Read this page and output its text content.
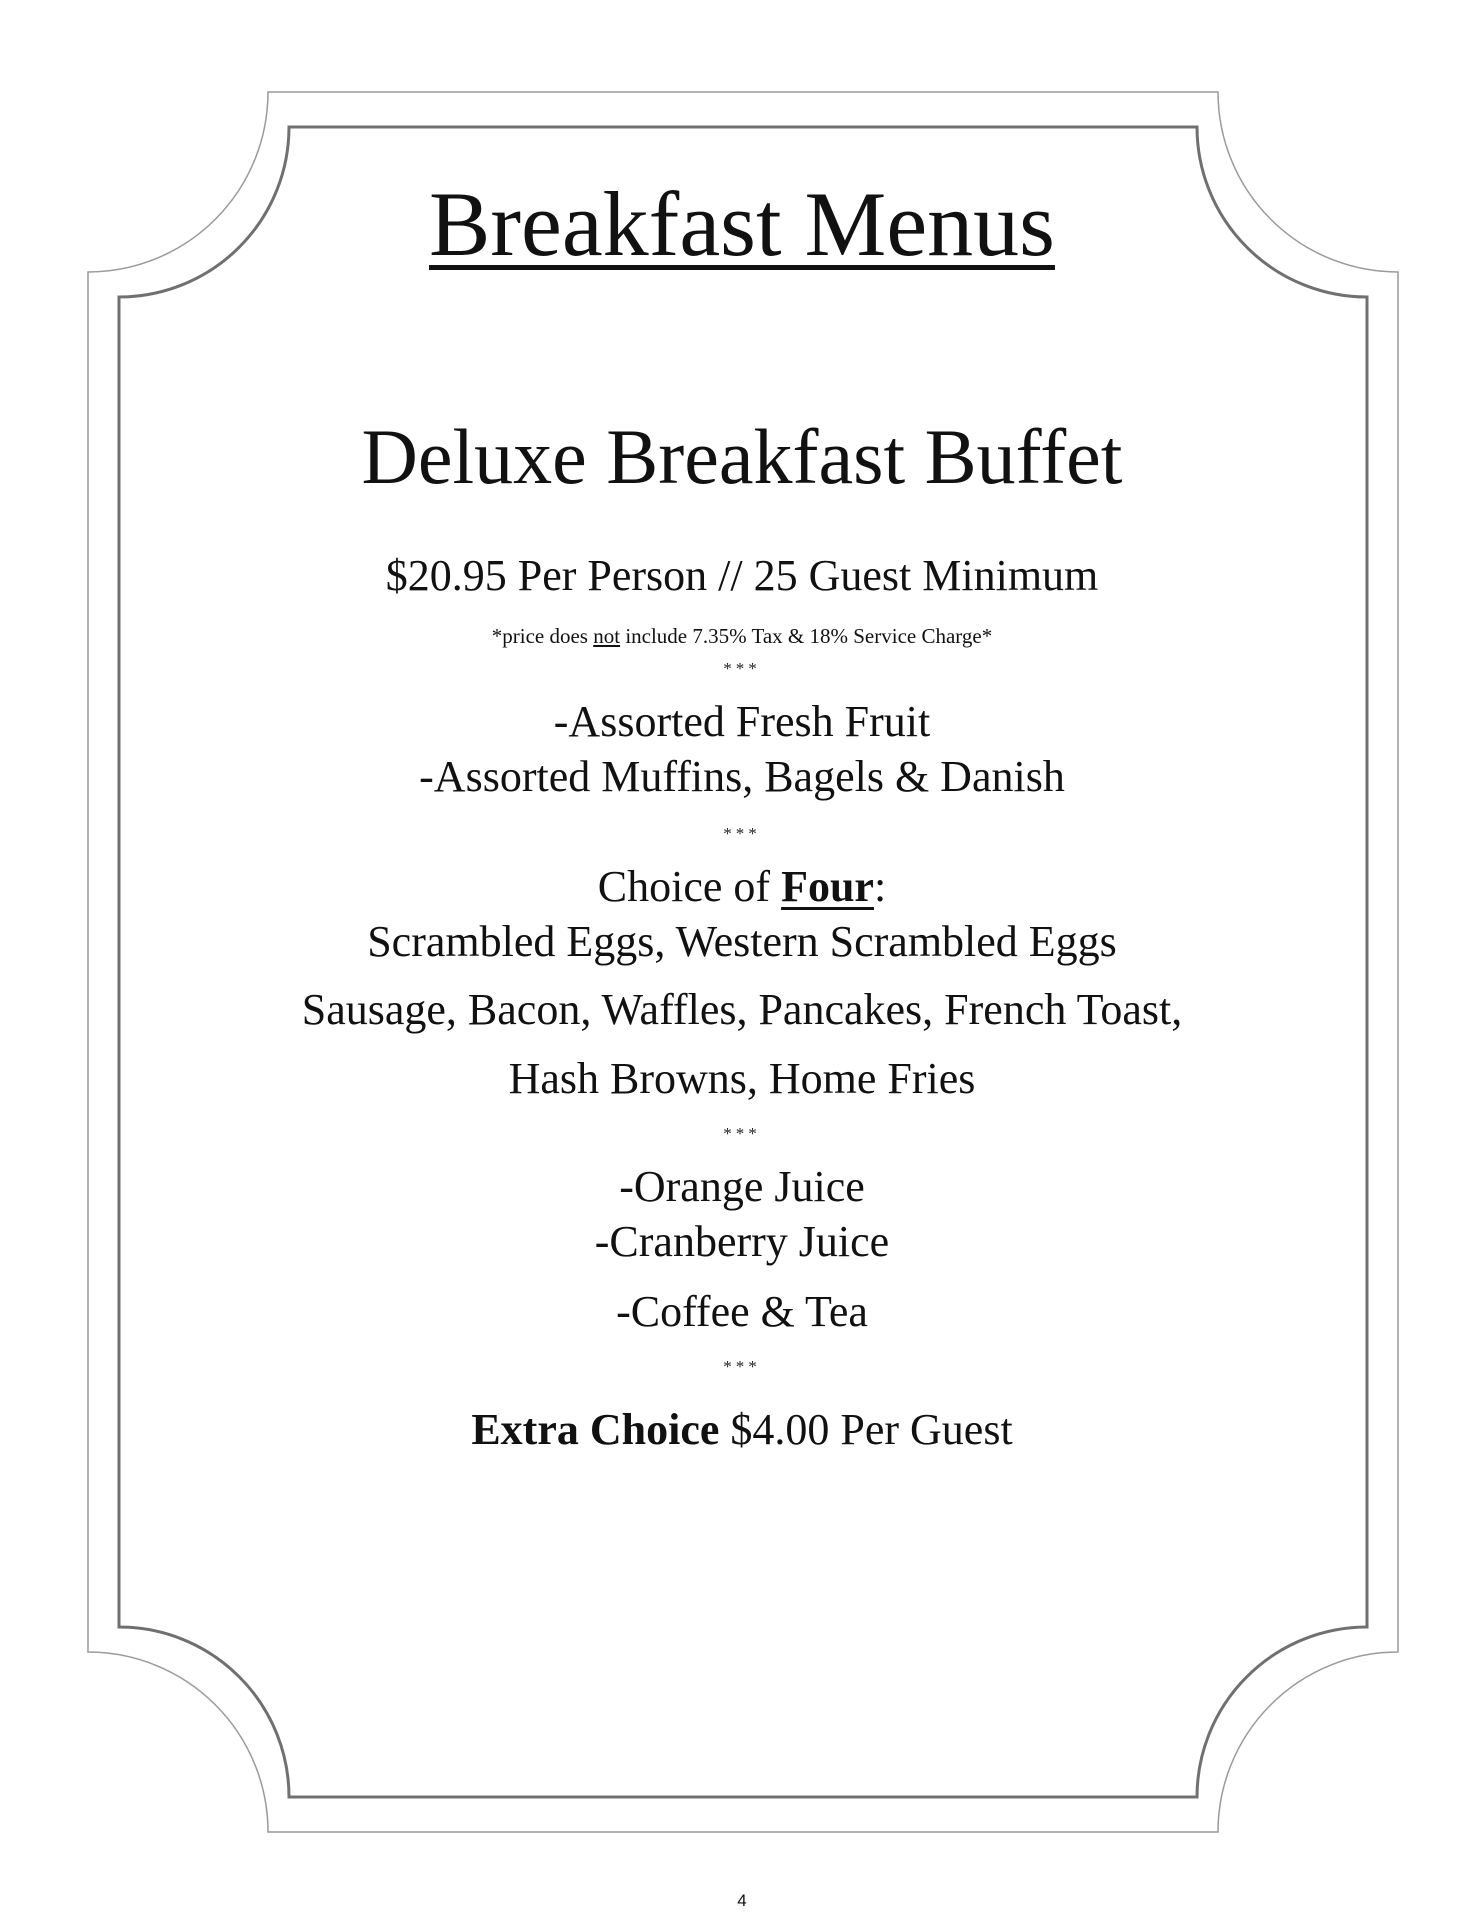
Breakfast Menus
Deluxe Breakfast Buffet
$20.95 Per Person // 25 Guest Minimum
*price does not include 7.35% Tax & 18% Service Charge*
***
-Assorted Fresh Fruit
-Assorted Muffins, Bagels & Danish
***
Choice of Four:
Scrambled Eggs, Western Scrambled Eggs
Sausage, Bacon, Waffles, Pancakes, French Toast,
Hash Browns, Home Fries
***
-Orange Juice
-Cranberry Juice
-Coffee & Tea
***
Extra Choice $4.00 Per Guest
4
